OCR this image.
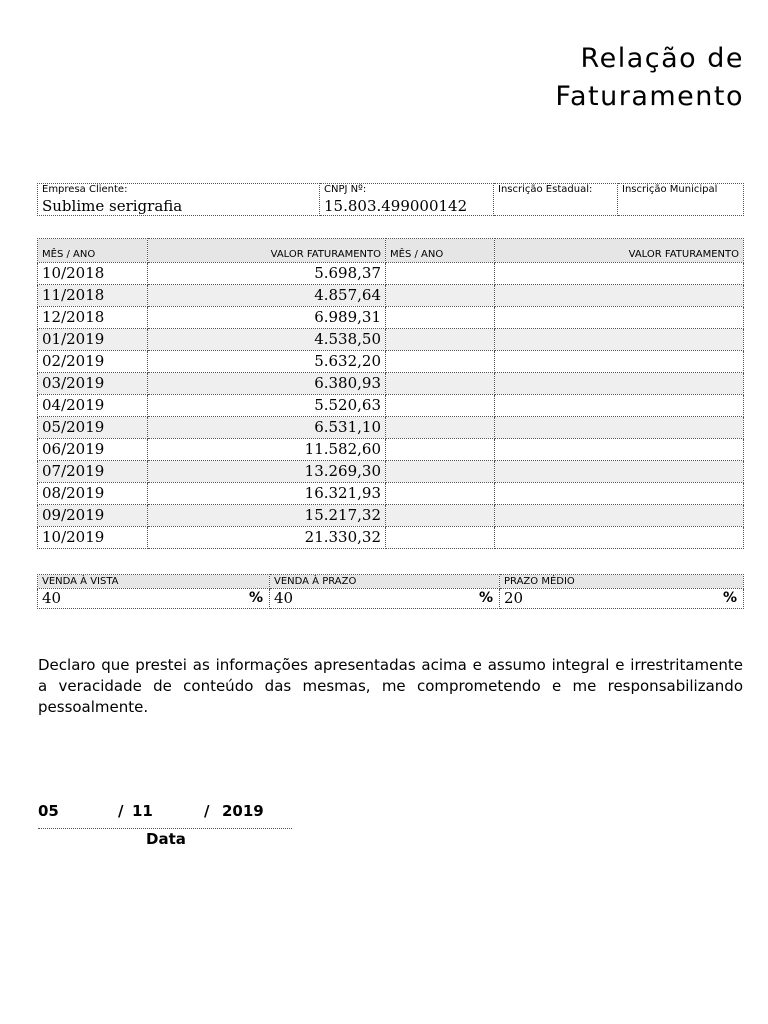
Relação de
Faturamento
Empresa Cliente:
Sublime serigrafia

CNPJ Nº:
15.803.499000142

Inscrição Estadual:	Inscrição Municipal
MÊS / ANO	VALOR FATURAMENTO	MÊS / ANO	VALOR FATURAMENTO
10/2018	5.698,37		
11/2018	4.857,64		
12/2018	6.989,31		
01/2019	4.538,50		
02/2019	5.632,20		
03/2019	6.380,93		
04/2019	5.520,63		
05/2019	6.531,10		
06/2019	11.582,60		
07/2019	13.269,30		
08/2019	16.321,93		
09/2019	15.217,32		
10/2019	21.330,32		
VENDA À VISTA	VENDA À PRAZO	PRAZO MÉDIO
40 %	40 %	20 %
Declaro que prestei as informações apresentadas acima e assumo integral e irrestritamente a veracidade de conteúdo das mesmas, me comprometendo e me responsabilizando pessoalmente.
05	/ 11	/ 2019
Data
